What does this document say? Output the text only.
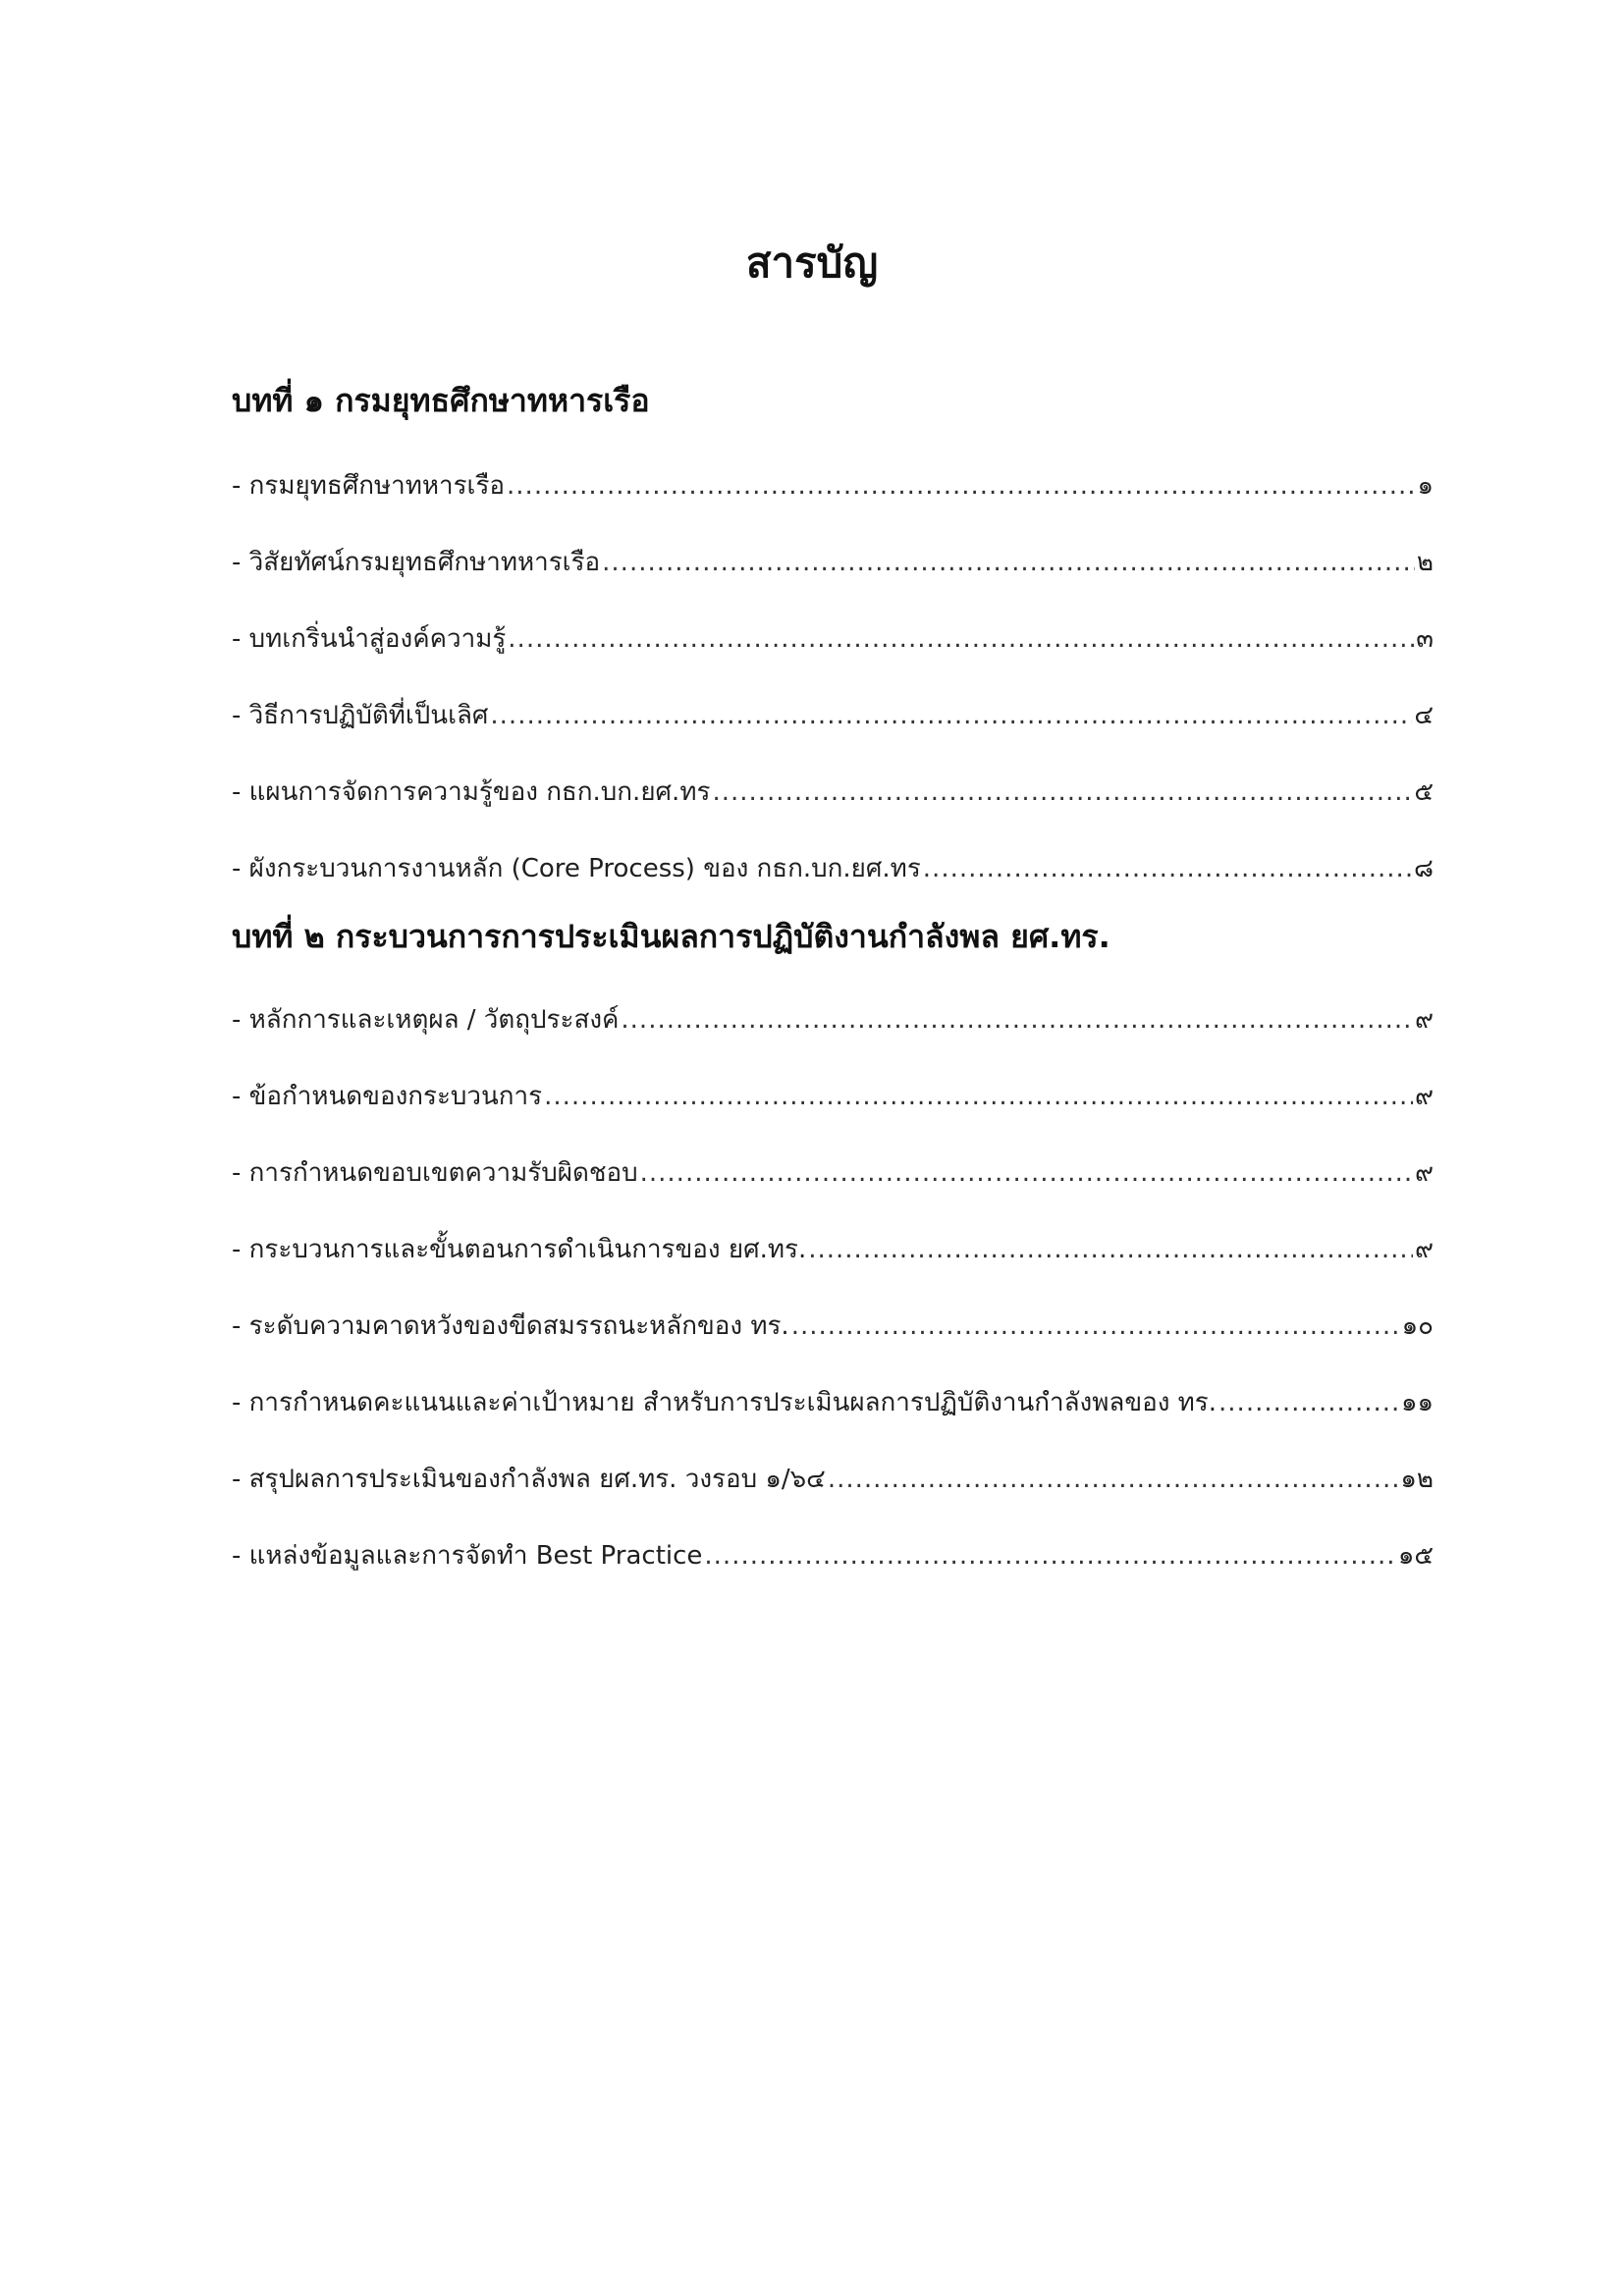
สารบัญ
บทที่ ๑ กรมยุทธศึกษาทหารเรือ
- กรมยุทธศึกษาทหารเรือ .....	๑
- วิสัยทัศน์กรมยุทธศึกษาทหารเรือ .....	๒
- บทเกริ่นนำสู่องค์ความรู้ .....	๓
- วิธีการปฏิบัติที่เป็นเลิศ .....	๔
- แผนการจัดการความรู้ของ กธก.บก.ยศ.ทร .....	๕
- ผังกระบวนการงานหลัก (Core Process) ของ กธก.บก.ยศ.ทร .....	๘
บทที่ ๒ กระบวนการการประเมินผลการปฏิบัติงานกำลังพล ยศ.ทร.
- หลักการและเหตุผล / วัตถุประสงค์ .....	๙
- ข้อกำหนดของกระบวนการ .....	๙
- การกำหนดขอบเขตความรับผิดชอบ .....	๙
- กระบวนการและขั้นตอนการดำเนินการของ ยศ.ทร. .....	๙
- ระดับความคาดหวังของขีดสมรรถนะหลักของ ทร. .....	๑๐
- การกำหนดคะแนนและค่าเป้าหมาย สำหรับการประเมินผลการปฏิบัติงานกำลังพลของ ทร. .....	๑๑
- สรุปผลการประเมินของกำลังพล ยศ.ทร. วงรอบ ๑/๖๔ .....	๑๒
- แหล่งข้อมูลและการจัดทำ Best Practice .....	๑๕
